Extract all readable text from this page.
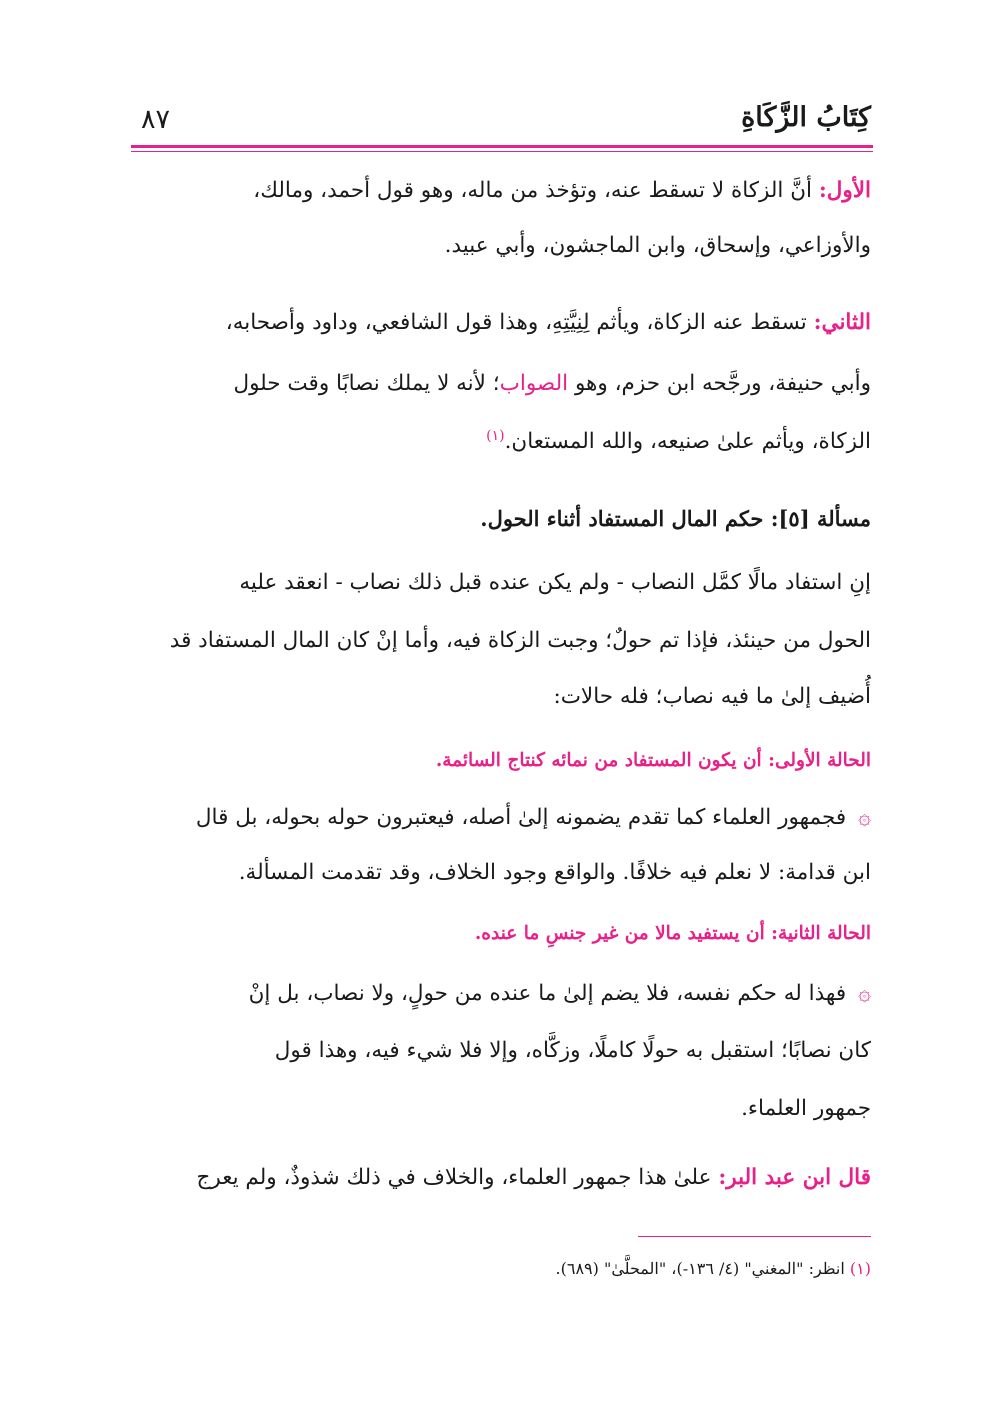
كِتَابُ الزَّكَاةِ
٨٧
الأول: أنَّ الزكاة لا تسقط عنه، وتؤخذ من ماله، وهو قول أحمد، ومالك،
والأوزاعي، وإسحاق، وابن الماجشون، وأبي عبيد.
الثاني: تسقط عنه الزكاة، ويأثم لِنِيَّتِهِ، وهذا قول الشافعي، وداود وأصحابه،
وأبي حنيفة، ورجَّحه ابن حزم، وهو الصواب؛ لأنه لا يملك نصابًا وقت حلول
الزكاة، ويأثم علىٰ صنيعه، والله المستعان.$^{(١)}$
مسألة [٥]: حكم المال المستفاد أثناء الحول.
إنِ استفاد مالًا كمَّل النصاب - ولم يكن عنده قبل ذلك نصاب - انعقد عليه
الحول من حينئذ، فإذا تم حولٌ؛ وجبت الزكاة فيه، وأما إنْ كان المال المستفاد قد
أُضيف إلىٰ ما فيه نصاب؛ فله حالات:
الحالة الأولى: أن يكون المستفاد من نمائه كنتاج السائمة.
۞فجمهور العلماء كما تقدم يضمونه إلىٰ أصله، فيعتبرون حوله بحوله، بل قال
ابن قدامة: لا نعلم فيه خلافًا. والواقع وجود الخلاف، وقد تقدمت المسألة.
الحالة الثانية: أن يستفيد مالا من غير جنسِ ما عنده.
۞فهذا له حكم نفسه، فلا يضم إلىٰ ما عنده من حولٍ، ولا نصاب، بل إنْ
كان نصابًا؛ استقبل به حولًا كاملًا، وزكَّاه، وإلا فلا شيء فيه، وهذا قول
جمهور العلماء.
قال ابن عبد البر: علىٰ هذا جمهور العلماء، والخلاف في ذلك شذوذٌ، ولم يعرج
(١) انظر: "المغني" (٤/ ١٣٦-)، "المحلَّىٰ" (٦٨٩).
